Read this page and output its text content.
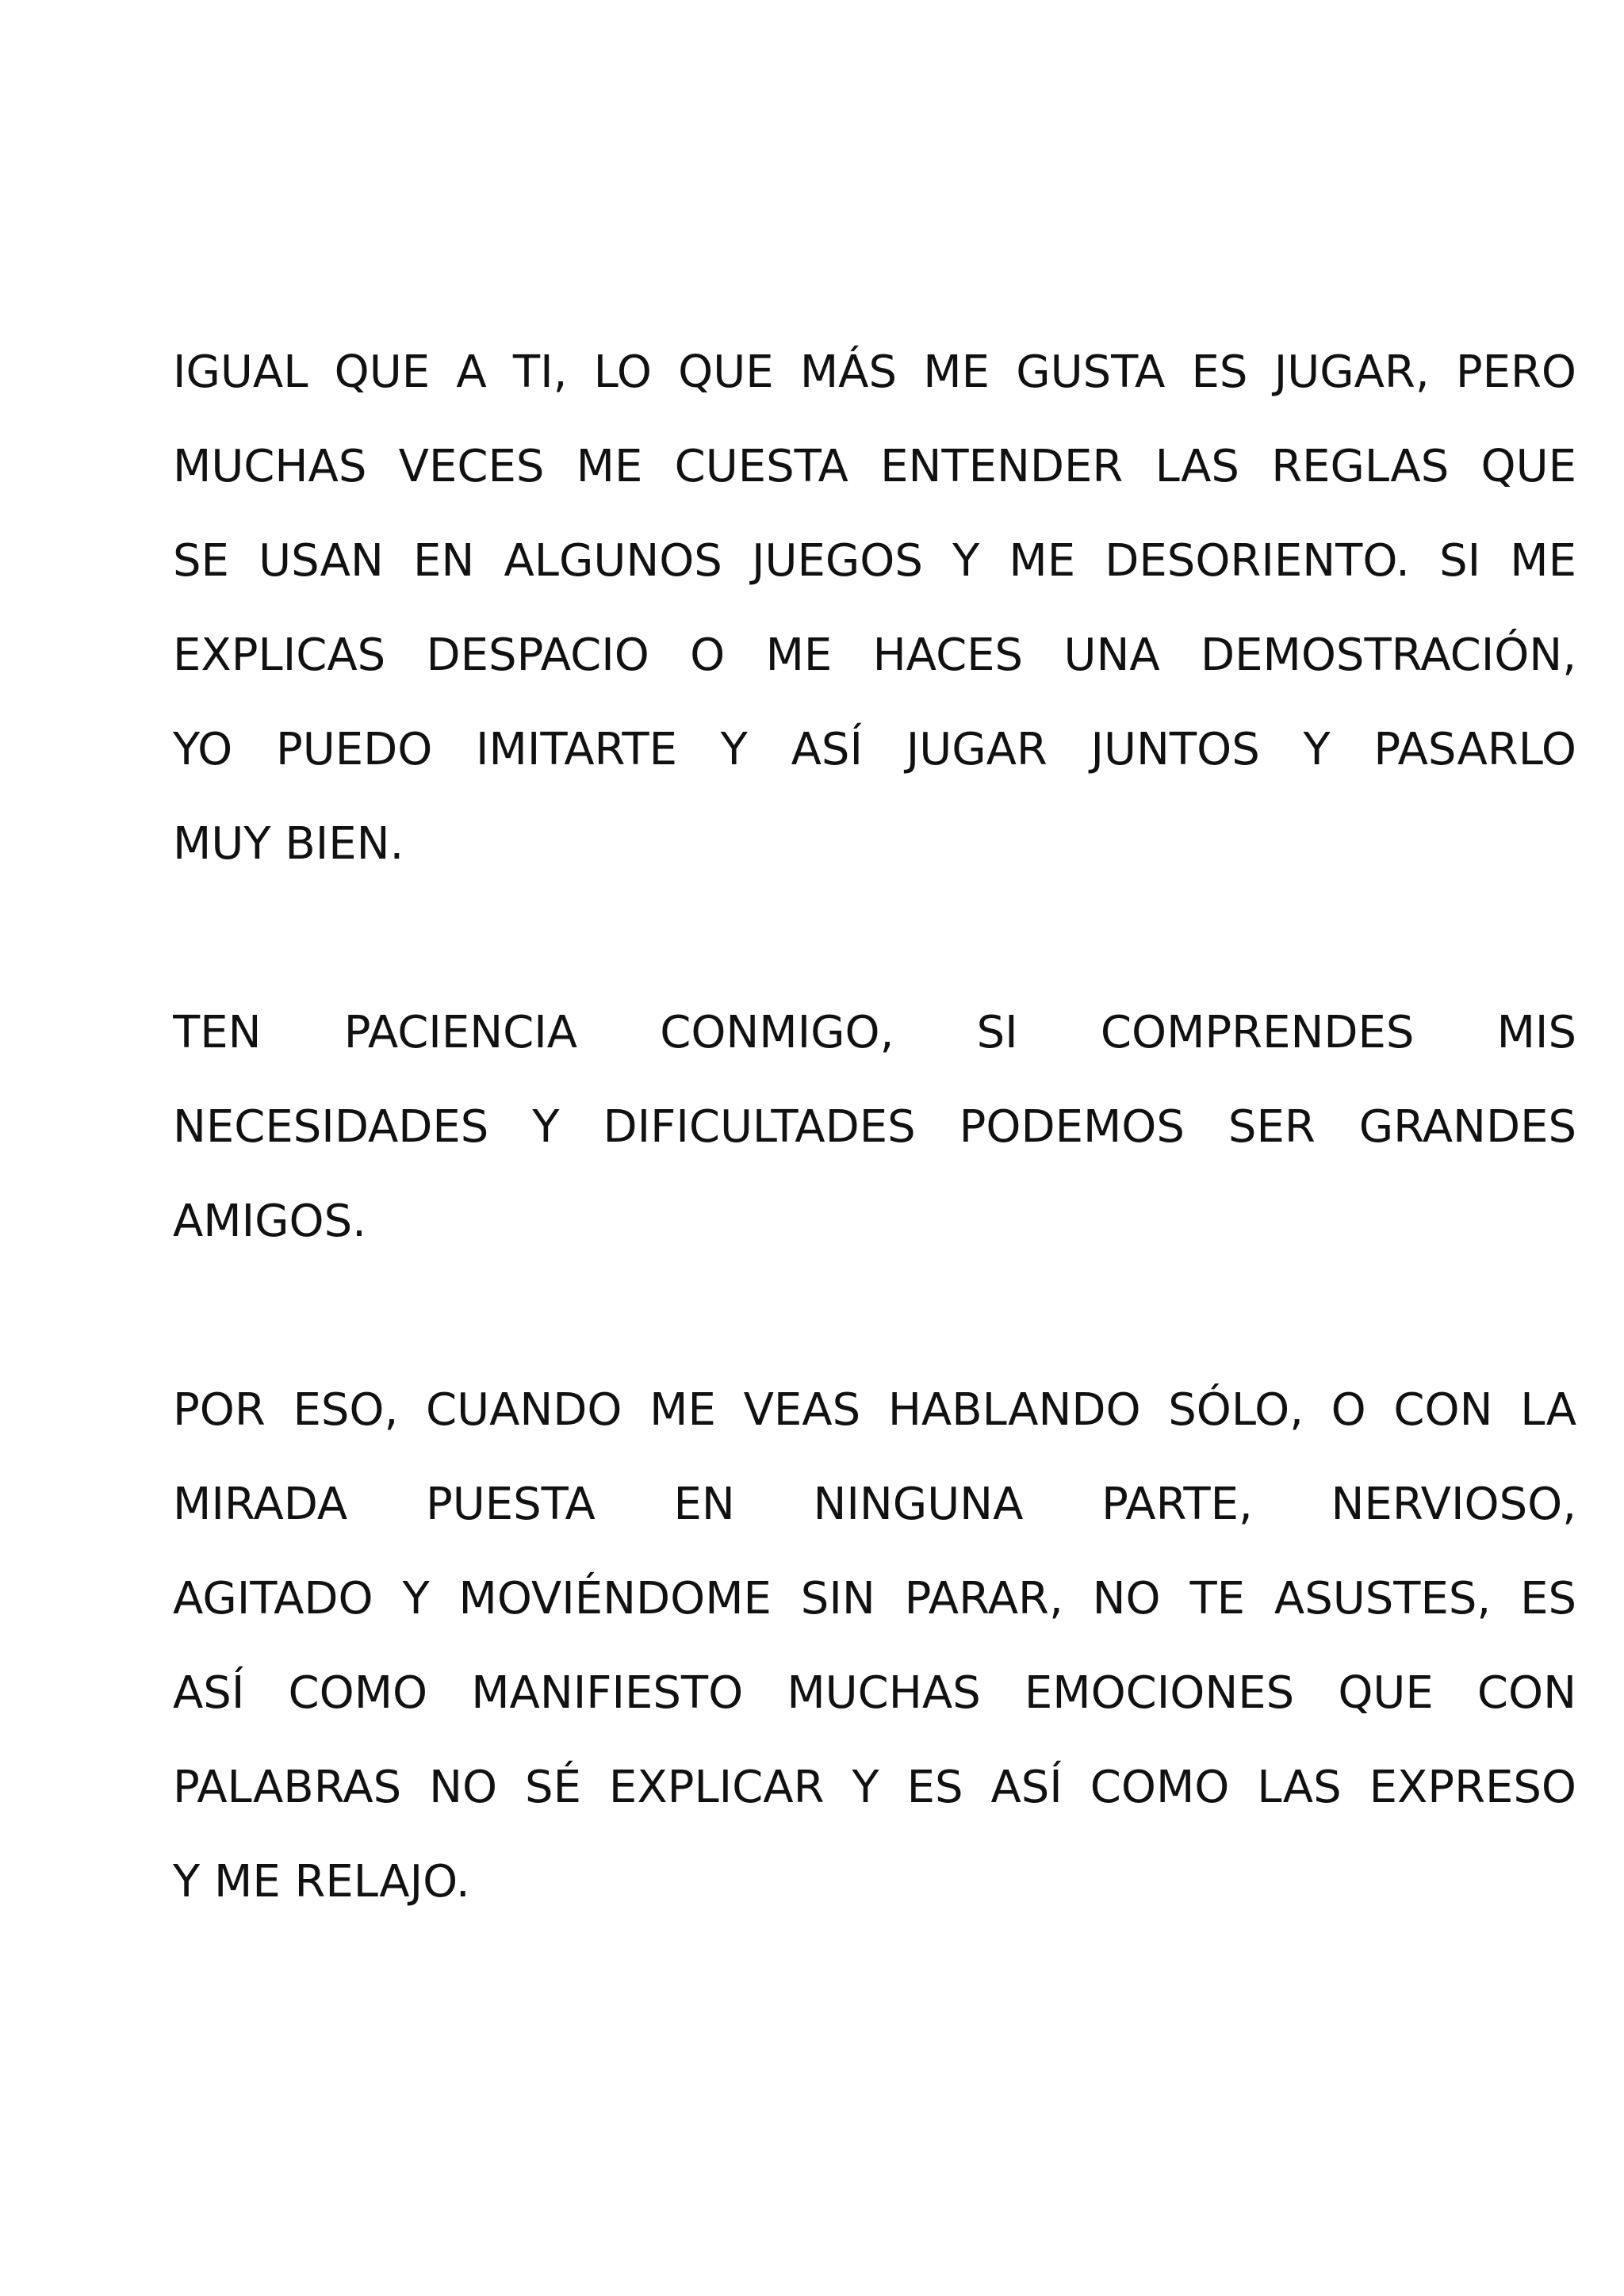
IGUAL QUE A TI, LO QUE MÁS ME GUSTA ES JUGAR, PERO
MUCHAS VECES ME CUESTA ENTENDER LAS REGLAS QUE
SE USAN EN ALGUNOS JUEGOS Y ME DESORIENTO. SI ME
EXPLICAS DESPACIO O ME HACES UNA DEMOSTRACIÓN,
YO PUEDO IMITARTE Y ASÍ JUGAR JUNTOS Y PASARLO
MUY BIEN.
TEN PACIENCIA CONMIGO, SI COMPRENDES MIS
NECESIDADES Y DIFICULTADES PODEMOS SER GRANDES
AMIGOS.
POR ESO, CUANDO ME VEAS HABLANDO SÓLO, O CON LA
MIRADA PUESTA EN NINGUNA PARTE, NERVIOSO,
AGITADO Y MOVIÉNDOME SIN PARAR, NO TE ASUSTES, ES
ASÍ COMO MANIFIESTO MUCHAS EMOCIONES QUE CON
PALABRAS NO SÉ EXPLICAR Y ES ASÍ COMO LAS EXPRESO
Y ME RELAJO.
